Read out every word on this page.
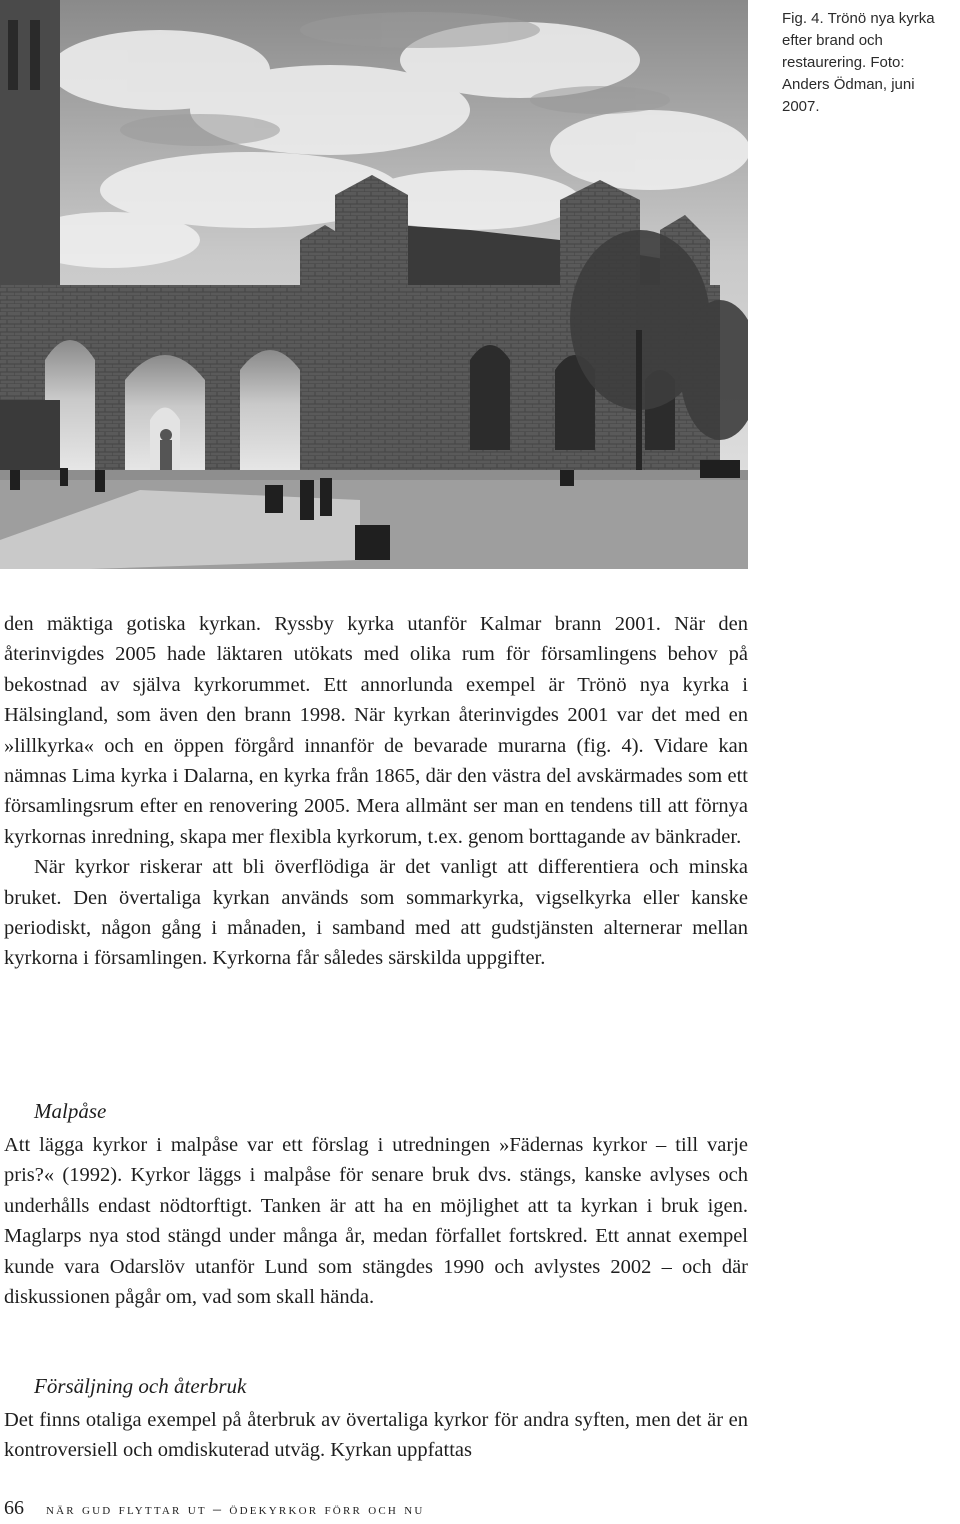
Fig. 4. Trönö nya kyrka efter brand och restaurering. Foto: Anders Ödman, juni 2007.

den mäktiga gotiska kyrkan. Ryssby kyrka utanför Kalmar brann 2001. När den återinvigdes 2005 hade läktaren utökats med olika rum för församlingens behov på bekostnad av själva kyrkorummet. Ett annorlunda exempel är Trönö nya kyrka i Hälsingland, som även den brann 1998. När kyrkan återinvigdes 2001 var det med en »lillkyrka« och en öppen förgård innanför de bevarade murarna (fig. 4). Vidare kan nämnas Lima kyrka i Dalarna, en kyrka från 1865, där den västra del avskärmades som ett församlingsrum efter en renovering 2005. Mera allmänt ser man en tendens till att förnya kyrkornas inredning, skapa mer flexibla kyrkorum, t.ex. genom borttagande av bänkrader.

När kyrkor riskerar att bli överflödiga är det vanligt att differentiera och minska bruket. Den övertaliga kyrkan används som sommarkyrka, vigselkyrka eller kanske periodiskt, någon gång i månaden, i samband med att gudstjänsten alternerar mellan kyrkorna i församlingen. Kyrkorna får således särskilda uppgifter.

Malpåse

Att lägga kyrkor i malpåse var ett förslag i utredningen »Fädernas kyrkor – till varje pris?« (1992). Kyrkor läggs i malpåse för senare bruk dvs. stängs, kanske avlyses och underhålls endast nödtorftigt. Tanken är att ha en möjlighet att ta kyrkan i bruk igen. Maglarps nya stod stängd under många år, medan förfallet fortskred. Ett annat exempel kunde vara Odarslöv utanför Lund som stängdes 1990 och avlystes 2002 – och där diskussionen pågår om, vad som skall hända.

Försäljning och återbruk

Det finns otaliga exempel på återbruk av övertaliga kyrkor för andra syften, men det är en kontroversiell och omdiskuterad utväg. Kyrkan uppfattas

66 när gud flyttar ut – ödekyrkor förr och nu
